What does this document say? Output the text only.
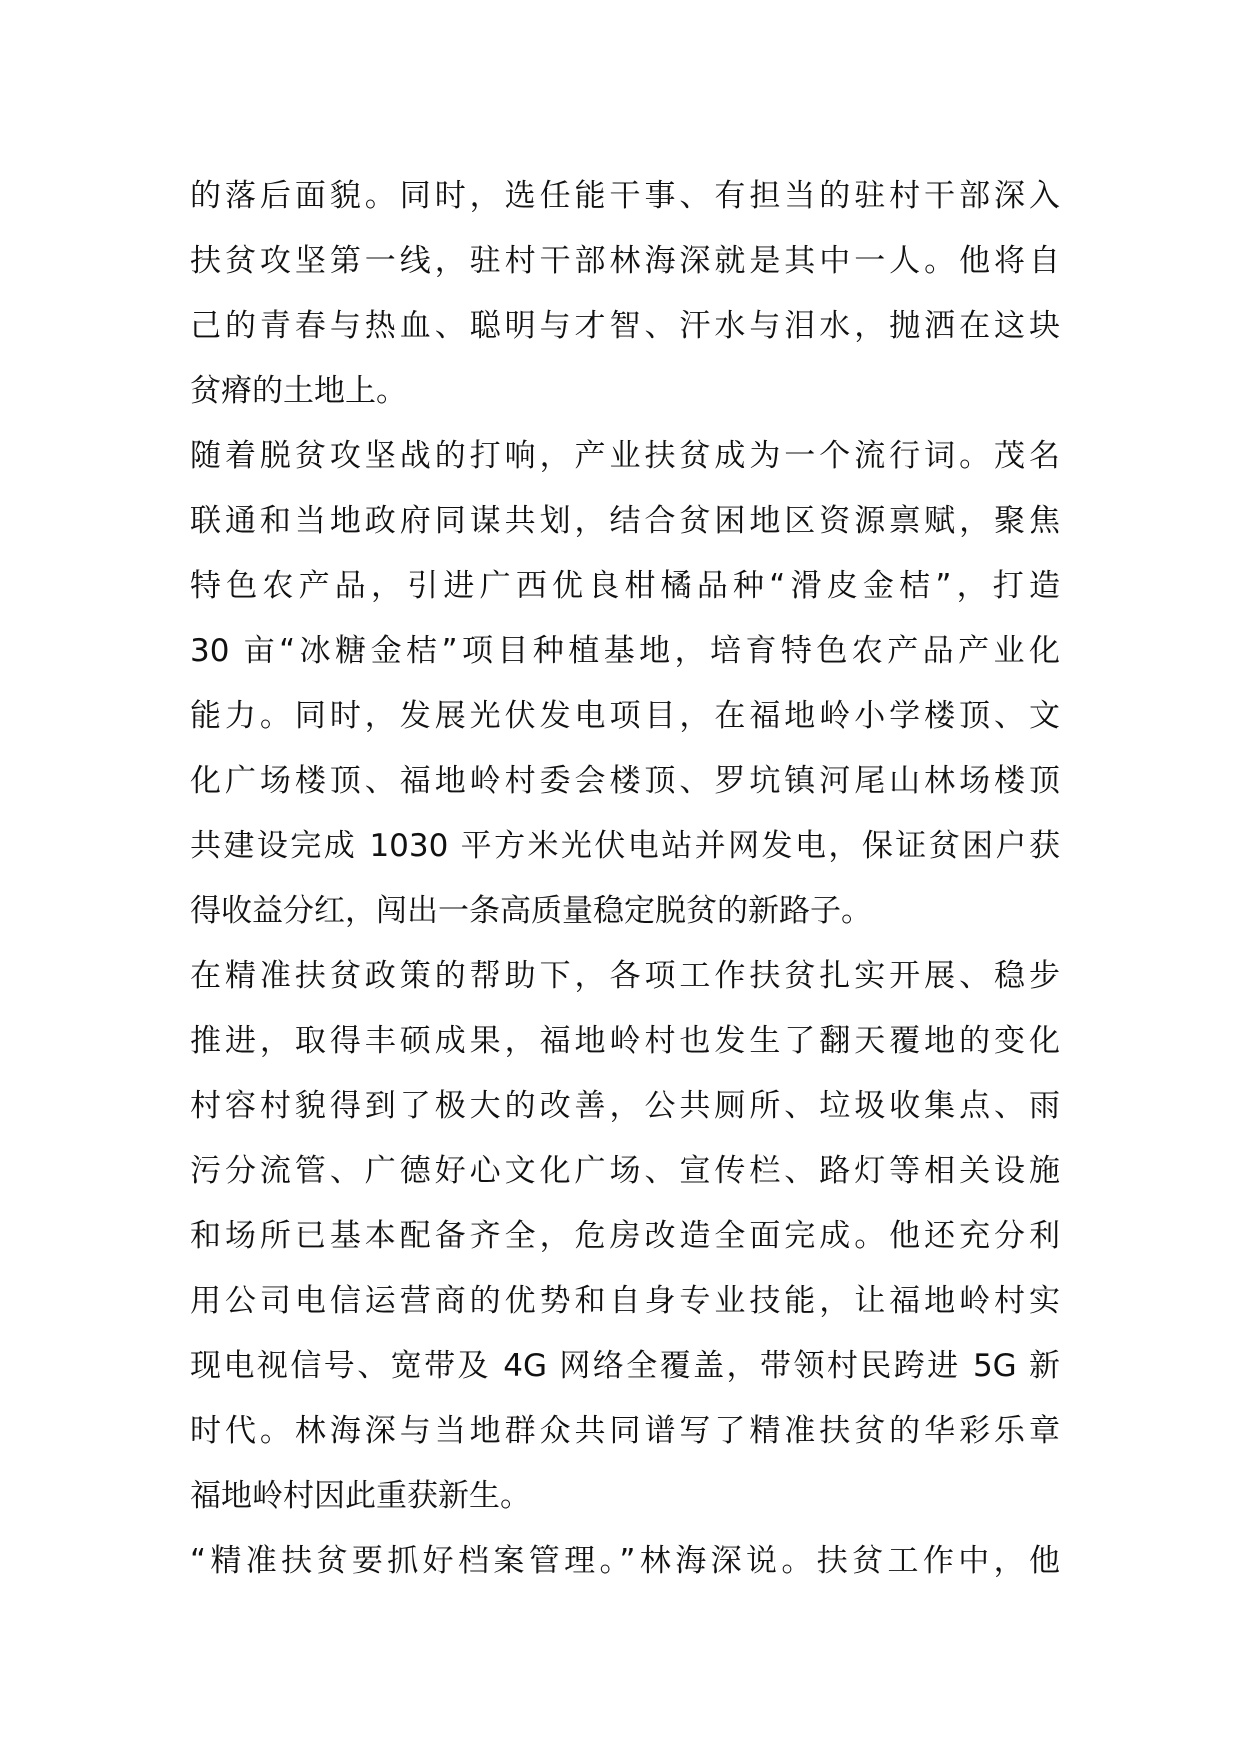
的落后面貌。同时，选任能干事、有担当的驻村干部深入
扶贫攻坚第一线，驻村干部林海深就是其中一人。他将自
己的青春与热血、聪明与才智、汗水与泪水，抛洒在这块
贫瘠的土地上。
随着脱贫攻坚战的打响，产业扶贫成为一个流行词。茂名
联通和当地政府同谋共划，结合贫困地区资源禀赋，聚焦
特色农产品，引进广西优良柑橘品种“滑皮金桔”，打造
30 亩“冰糖金桔”项目种植基地，培育特色农产品产业化
能力。同时，发展光伏发电项目，在福地岭小学楼顶、文
化广场楼顶、福地岭村委会楼顶、罗坑镇河尾山林场楼顶
共建设完成 1030 平方米光伏电站并网发电，保证贫困户获
得收益分红，闯出一条高质量稳定脱贫的新路子。
在精准扶贫政策的帮助下，各项工作扶贫扎实开展、稳步
推进，取得丰硕成果，福地岭村也发生了翻天覆地的变化
村容村貌得到了极大的改善，公共厕所、垃圾收集点、雨
污分流管、广德好心文化广场、宣传栏、路灯等相关设施
和场所已基本配备齐全，危房改造全面完成。他还充分利
用公司电信运营商的优势和自身专业技能，让福地岭村实
现电视信号、宽带及 4G 网络全覆盖，带领村民跨进 5G 新
时代。林海深与当地群众共同谱写了精准扶贫的华彩乐章
福地岭村因此重获新生。
“精准扶贫要抓好档案管理。”林海深说。扶贫工作中，他
